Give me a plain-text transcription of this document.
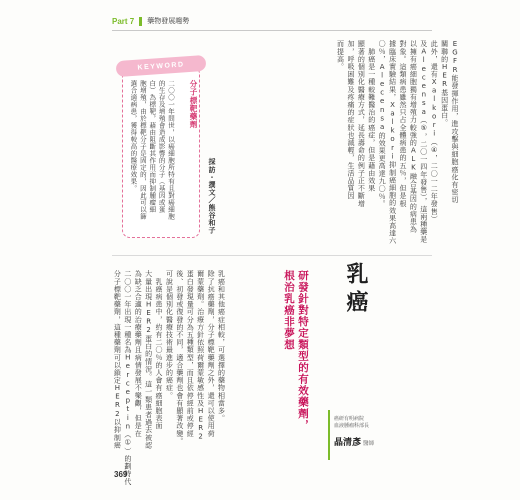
Part 7 藥物發展趨勢
EGFR能發揮作用，進攻擊與細胞癌化有密切
關聯的HER基因蛋白。
此外，還有Xalkori（④，二〇一二年發售）
及Alecensa（⑤，二〇一四年發售），這兩種藥是
以擁有癌細胞獨有增殖力較強的ALK融合基因的病患為
對象。這類病患雖然只占全體病患的五％，但是根
據臨床實驗結果，Xalkori抑制癌細胞的效果高達六
〇％，Alecensa的效果更高達九〇％。
　肺癌是一種較難醫治的癌症，但是藉由效果
顯著的個別化醫療方式，延長壽命的例子正不斷增
加，呼吸困難及疼痛的症狀也減輕，生活品質因
而提高。
採訪・撰文／熊谷和子
KEYWORD
分子標靶藥劑
二〇〇一年問世，以癌細胞所特有且對癌細胞
的生存及增殖會造成影響的分子（基因或蛋
白）為標靶，藉由阻斷其作用而抑制腫瘤細
胞增殖，由於標靶分子是固定的，因此可以篩
選合適病患，獲得較高的醫療效果。
乳癌
癌研有明病院
血液腫瘤科部長
晶清彥 醫師
研發針對特定類型的有效藥劑，
根治乳癌非夢想
乳癌和其他癌症相較，可選擇的藥物相當多。
除了抗癌藥劑，分子標靶藥劑之外，還可以使用荷
爾蒙藥劑。治療方針依照荷爾蒙敏感性及HER2
蛋白發現量可分為五種類型，而且依停經前或停經
後、初發或復發的不同，適合藥劑也會有顯著改變。
可說是個別化醫療技術最進步的癌症。
　乳癌病患中，約有二〇％的人會有癌細胞表面
大量出現HER2蛋白的情況。這一類患者過去被認
為缺乏合適的治療藥劑且病情發展不樂觀，但是在
二〇〇一年出現一種名為Herceptin（①）的劃時代
分子標靶藥劑，這種藥劑可以鎖定HER2以抑制癌
369
